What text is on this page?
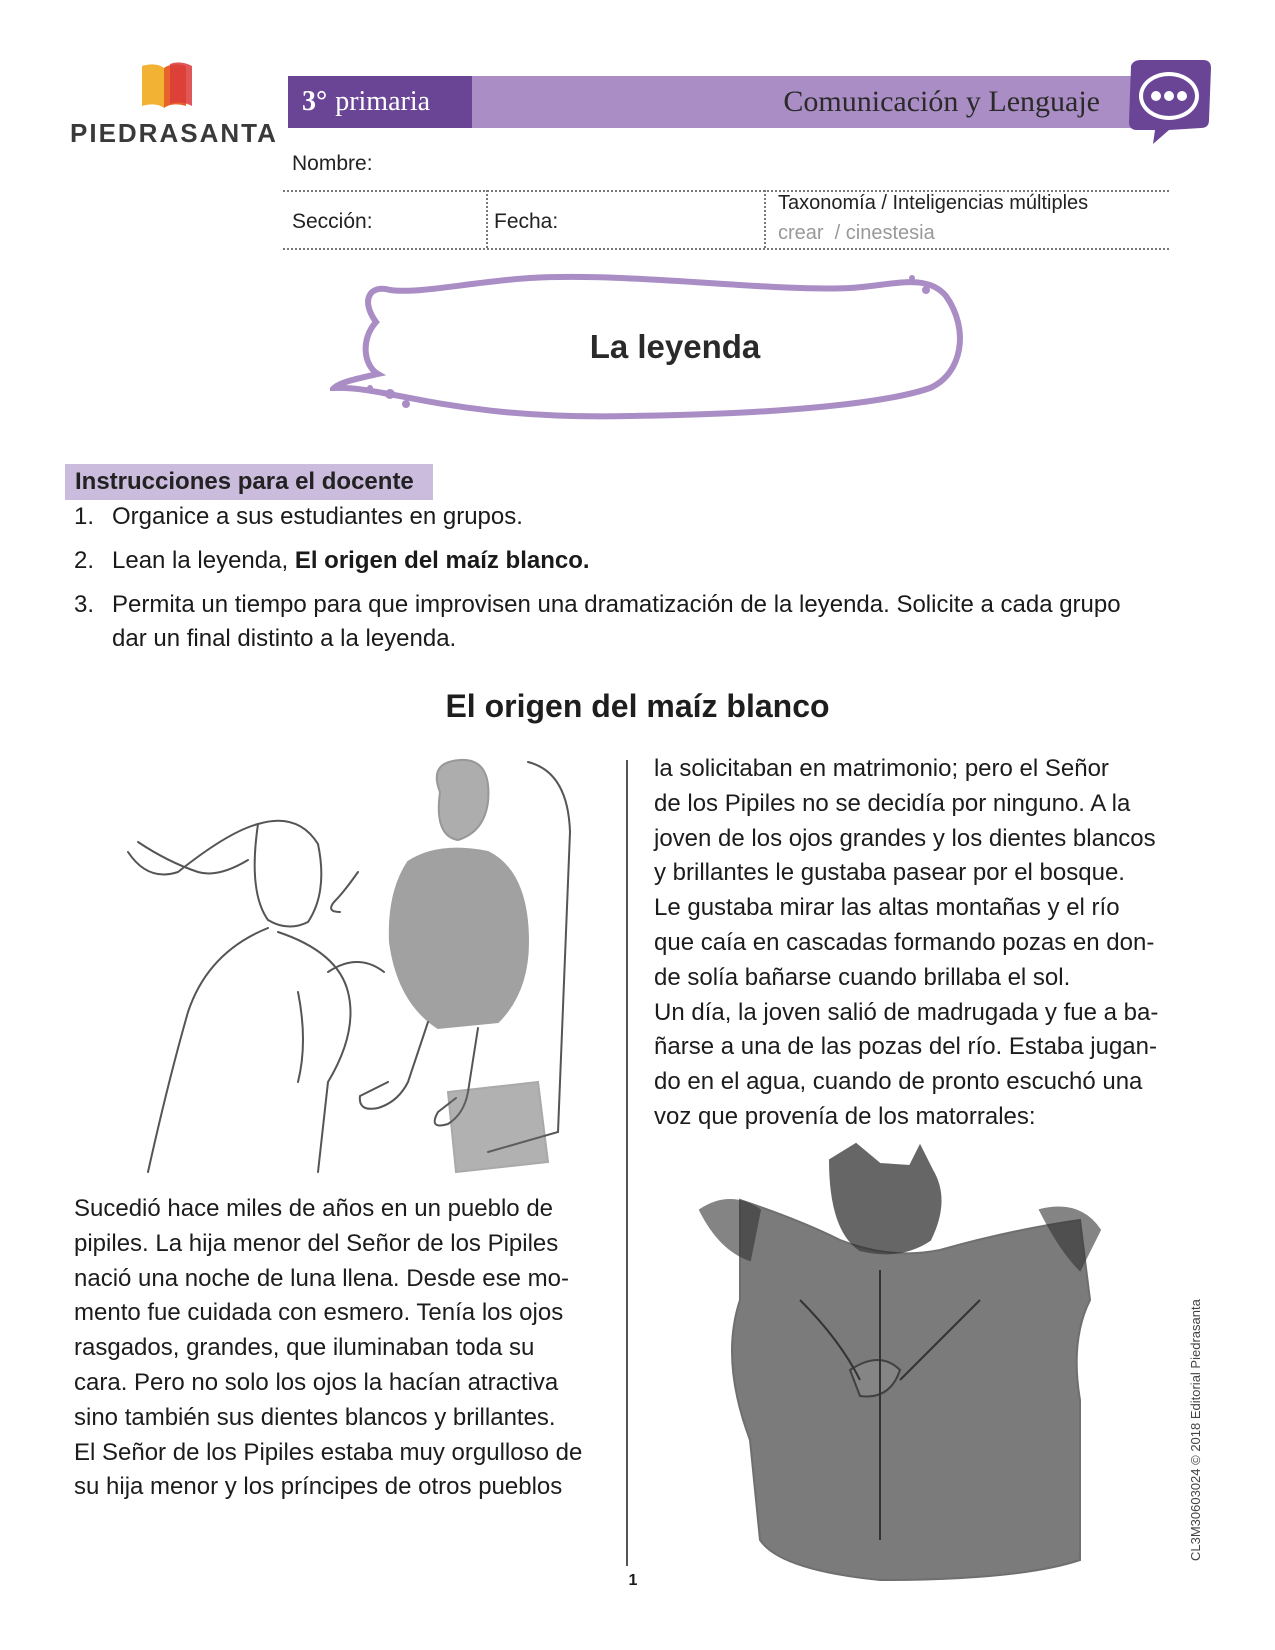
PIEDRASANTA
3° primaria	Comunicación y Lenguaje
Nombre:
Sección:	Fecha:
Taxonomía / Inteligencias múltiples
crear  / cinestesia
La leyenda
Instrucciones para el docente
1. Organice a sus estudiantes en grupos.
2. Lean la leyenda, El origen del maíz blanco.
3. Permita un tiempo para que improvisen una dramatización de la leyenda. Solicite a cada grupo
dar un final distinto a la leyenda.
El origen del maíz blanco
Sucedió hace miles de años en un pueblo de
pipiles. La hija menor del Señor de los Pipiles
nació una noche de luna llena. Desde ese mo-
mento fue cuidada con esmero. Tenía los ojos
rasgados, grandes, que iluminaban toda su
cara. Pero no solo los ojos la hacían atractiva
sino también sus dientes blancos y brillantes.
El Señor de los Pipiles estaba muy orgulloso de
su hija menor y los príncipes de otros pueblos
la solicitaban en matrimonio; pero el Señor
de los Pipiles no se decidía por ninguno. A la
joven de los ojos grandes y los dientes blancos
y brillantes le gustaba pasear por el bosque.
Le gustaba mirar las altas montañas y el río
que caía en cascadas formando pozas en don-
de solía bañarse cuando brillaba el sol.
Un día, la joven salió de madrugada y fue a ba-
ñarse a una de las pozas del río. Estaba jugan-
do en el agua, cuando de pronto escuchó una
voz que provenía de los matorrales:
1
CL3M30603024 © 2018 Editorial Piedrasanta
